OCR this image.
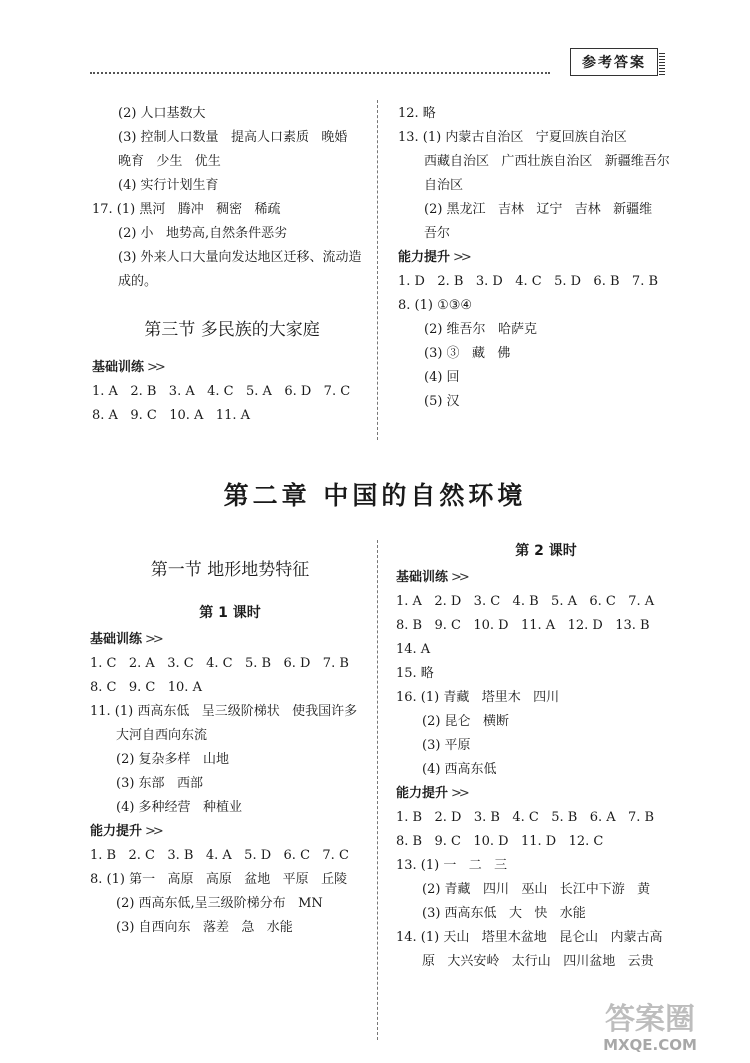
参考答案
(2) 人口基数大
(3) 控制人口数量   提高人口素质   晚婚
晚育   少生   优生
(4) 实行计划生育
17. (1) 黑河   腾冲   稠密   稀疏
(2) 小   地势高,自然条件恶劣
(3) 外来人口大量向发达地区迁移、流动造
成的。
第三节 多民族的大家庭
基础训练 >>
1. A   2. B   3. A   4. C   5. A   6. D   7. C
8. A   9. C   10. A   11. A
12. 略
13. (1) 内蒙古自治区   宁夏回族自治区
西藏自治区   广西壮族自治区   新疆维吾尔
自治区
(2) 黑龙江   吉林   辽宁   吉林   新疆维
吾尔
能力提升 >>
1. D   2. B   3. D   4. C   5. D   6. B   7. B
8. (1) ①③④
(2) 维吾尔   哈萨克
(3) ③   藏   佛
(4) 回
(5) 汉
第二章 中国的自然环境
第一节 地形地势特征
第 1 课时
基础训练 >>
1. C   2. A   3. C   4. C   5. B   6. D   7. B
8. C   9. C   10. A
11. (1) 西高东低   呈三级阶梯状   使我国许多
大河自西向东流
(2) 复杂多样   山地
(3) 东部   西部
(4) 多种经营   种植业
能力提升 >>
1. B   2. C   3. B   4. A   5. D   6. C   7. C
8. (1) 第一   高原   高原   盆地   平原   丘陵
(2) 西高东低,呈三级阶梯分布   MN
(3) 自西向东   落差   急   水能
第 2 课时
基础训练 >>
1. A   2. D   3. C   4. B   5. A   6. C   7. A
8. B   9. C   10. D   11. A   12. D   13. B
14. A
15. 略
16. (1) 青藏   塔里木   四川
(2) 昆仑   横断
(3) 平原
(4) 西高东低
能力提升 >>
1. B   2. D   3. B   4. C   5. B   6. A   7. B
8. B   9. C   10. D   11. D   12. C
13. (1) 一   二   三
(2) 青藏   四川   巫山   长江中下游   黄
(3) 西高东低   大   快   水能
14. (1) 天山   塔里木盆地   昆仑山   内蒙古高
原   大兴安岭   太行山   四川盆地   云贵
答案圈
MXQE.COM
